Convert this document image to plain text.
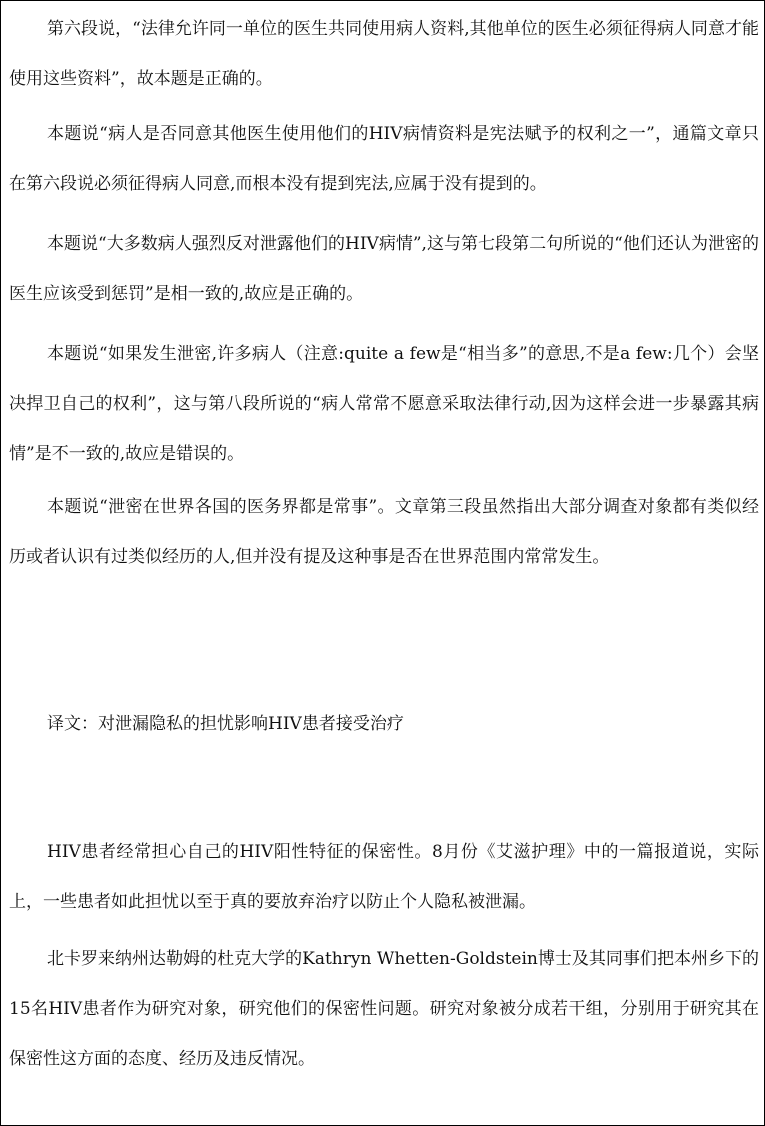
第六段说，“法律允许同一单位的医生共同使用病人资料,其他单位的医生必须征得病人同意才能使用这些资料”，故本题是正确的。

本题说“病人是否同意其他医生使用他们的HIV病情资料是宪法赋予的权利之一”，通篇文章只在第六段说必须征得病人同意,而根本没有提到宪法,应属于没有提到的。

本题说“大多数病人强烈反对泄露他们的HIV病情”,这与第七段第二句所说的“他们还认为泄密的医生应该受到惩罚”是相一致的,故应是正确的。

本题说“如果发生泄密,许多病人（注意:quite a few是“相当多”的意思,不是a few:几个）会坚决捍卫自己的权利”，这与第八段所说的“病人常常不愿意采取法律行动,因为这样会进一步暴露其病情”是不一致的,故应是错误的。

本题说“泄密在世界各国的医务界都是常事”。文章第三段虽然指出大部分调查对象都有类似经历或者认识有过类似经历的人,但并没有提及这种事是否在世界范围内常常发生。

译文：对泄漏隐私的担忧影响HIV患者接受治疗

HIV患者经常担心自己的HIV阳性特征的保密性。8月份《艾滋护理》中的一篇报道说，实际上，一些患者如此担忧以至于真的要放弃治疗以防止个人隐私被泄漏。

北卡罗来纳州达勒姆的杜克大学的Kathryn Whetten-Goldstein博士及其同事们把本州乡下的15名HIV患者作为研究对象，研究他们的保密性问题。研究对象被分成若干组，分别用于研究其在保密性这方面的态度、经历及违反情况。
